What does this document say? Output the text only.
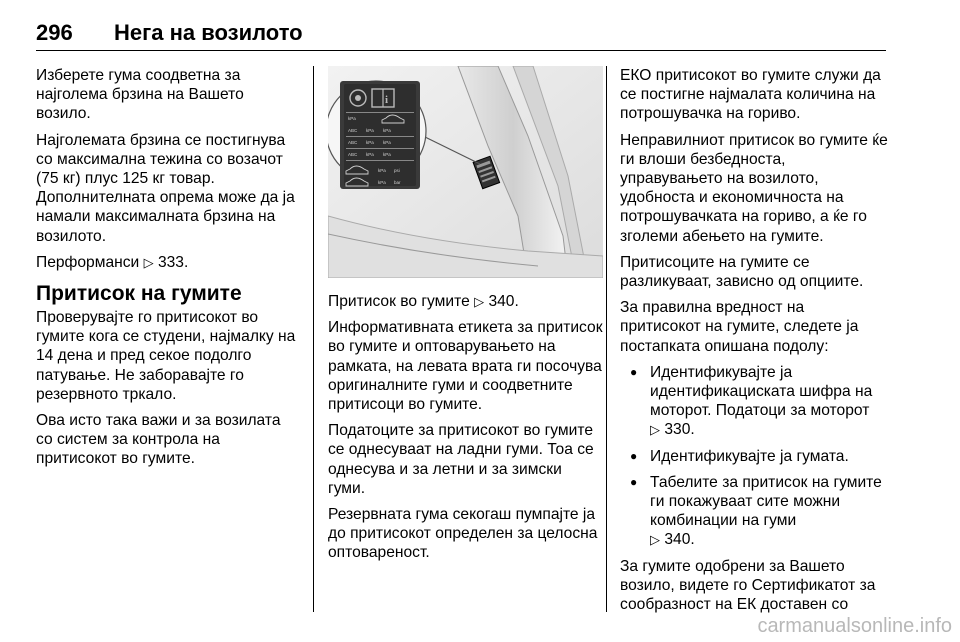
296	Нега на возилото

Изберете гума соодветна за најголема брзина на Вашето возило.

Најголемата брзина се постигнува со максимална тежина со возачот (75 кг) плус 125 кг товар. Дополнителната опрема може да ја намали максималната брзина на возилото.

Перформанси ▷ 333.

Притисок на гумите

Проверувајте го притисокот во гумите кога се студени, најмалку на 14 дена и пред секое подолго патување. Не заборавајте го резервното тркало.

Ова исто така важи и за возилата со систем за контрола на притисокот во гумите.

i
kPa
ABC kPa kPa
ABC kPa kPa
ABC kPa kPa
kPa psi
kPa bar

Притисок во гумите ▷ 340.

Информативната етикета за притисок во гумите и оптоварувањето на рамката, на левата врата ги посочува оригиналните гуми и соодветните притисоци во гумите.

Податоците за притисокот во гумите се однесуваат на ладни гуми. Тоа се однесува и за летни и за зимски гуми.

Резервната гума секогаш пумпајте ја до притисокот определен за целосна оптовареност.

ЕКО притисокот во гумите служи да се постигне најмалата количина на потрошувачка на гориво.

Неправилниот притисок во гумите ќе ги влоши безбедноста, управувањето на возилото, удобноста и економичноста на потрошувачката на гориво, а ќе го зголеми абењето на гумите.

Притисоците на гумите се разликуваат, зависно од опциите.

За правилна вредност на притисокот на гумите, следете ја постапката опишана подолу:

● Идентификувајте ја идентификациската шифра на моторот. Податоци за моторот
▷ 330.
● Идентификувајте ја гумата.
● Табелите за притисок на гумите ги покажуваат сите можни комбинации на гуми
▷ 340.

За гумите одобрени за Вашето возило, видете го Сертификатот за сообразност на ЕК доставен со

carmanualsonline.info
